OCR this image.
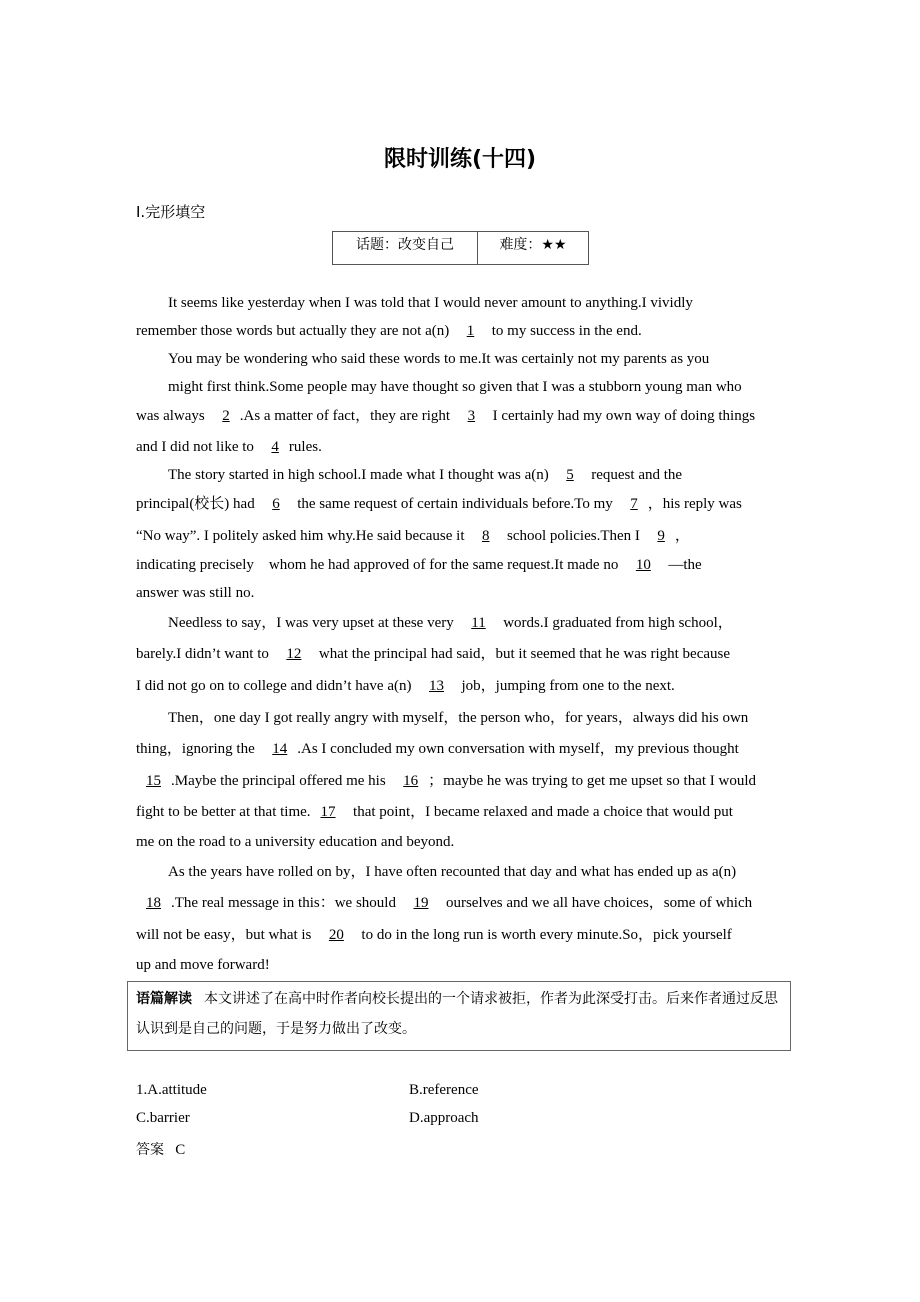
限时训练(十四)
Ⅰ.完形填空
话题：改变自己	难度：★★
It seems like yesterday when I was told that I would never amount to anything.I vividly
remember those words but actually they are not a(n)  1  to my success in the end.
You may be wondering who said these words to me.It was certainly not my parents as you
might first think.Some people may have thought so given that I was a stubborn young man who
was always  2 .As a matter of fact，they are right  3  I certainly had my own way of doing things
and I did not like to  4 rules.
The story started in high school.I made what I thought was a(n)  5  request and the
principal(校长) had  6  the same request of certain individuals before.To my  7 ，his reply was
“No way”. I politely asked him why.He said because it  8  school policies.Then I  9 ，
indicating precisely    whom he had approved of for the same request.It made no  10  —the
answer was still no.
Needless to say，I was very upset at these very  11  words.I graduated from high school，
barely.I didn’t want to  12  what the principal had said，but it seemed that he was right because
I did not go on to college and didn’t have a(n)  13  job，jumping from one to the next.
Then，one day I got really angry with myself，the person who，for years，always did his own
thing，ignoring the  14 .As I concluded my own conversation with myself，my previous thought
15 .Maybe the principal offered me his  16 ；maybe he was trying to get me upset so that I would
fight to be better at that time. 17  that point，I became relaxed and made a choice that would put
me on the road to a university education and beyond.
As the years have rolled on by，I have often recounted that day and what has ended up as a(n)
18 .The real message in this：we should  19  ourselves and we all have choices，some of which
will not be easy，but what is  20  to do in the long run is worth every minute.So，pick yourself
up and move forward!
语篇解读 本文讲述了在高中时作者向校长提出的一个请求被拒，作者为此深受打击。后来作者通过反思认识到是自己的问题，于是努力做出了改变。
1.A.attitude	B.reference
C.barrier	D.approach
答案 C
